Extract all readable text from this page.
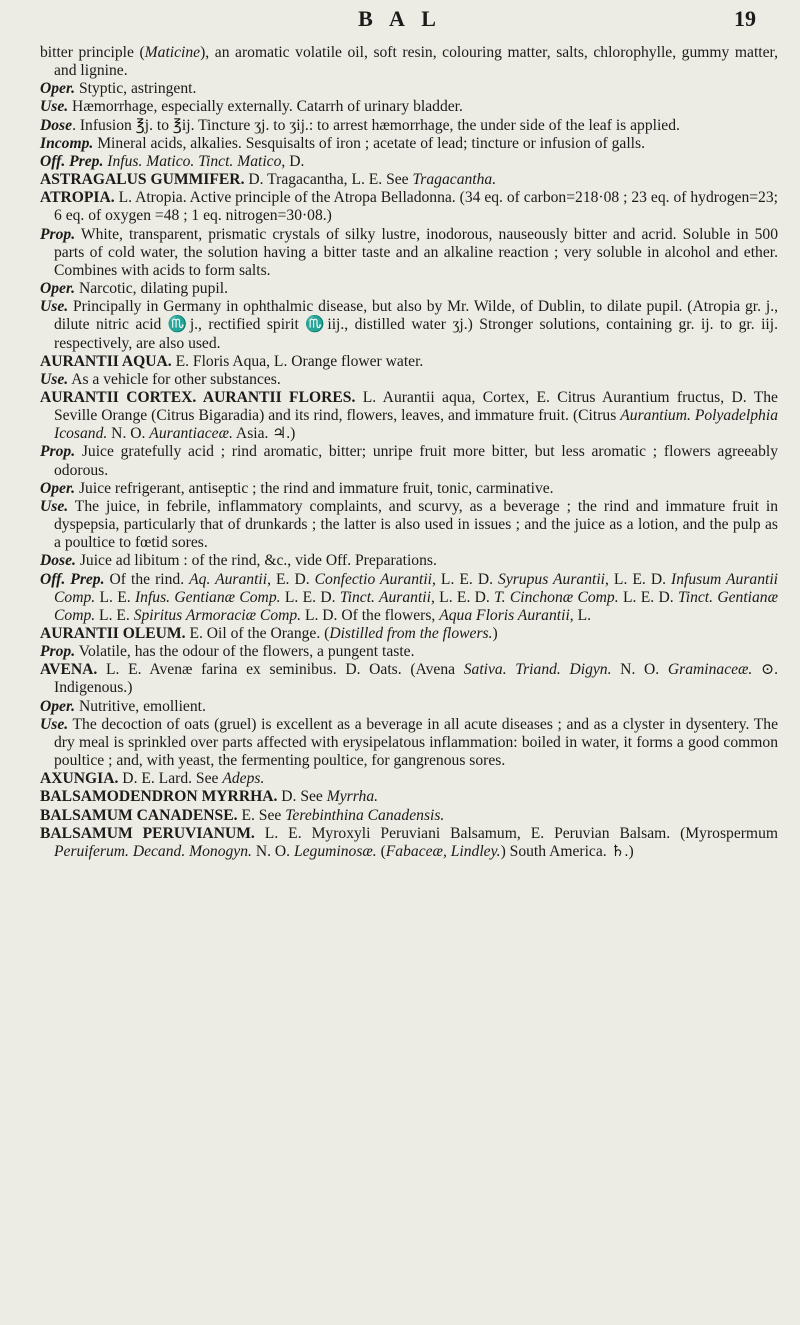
B A L	19

bitter principle (Maticine), an aromatic volatile oil, soft resin, colouring matter, salts, chlorophylle, gummy matter, and lignine.

Oper. Styptic, astringent.

Use. Hæmorrhage, especially externally. Catarrh of urinary bladder.

Dose. Infusion ℥j. to ℥ij. Tincture ʒj. to ʒij.: to arrest hæmorrhage, the under side of the leaf is applied.

Incomp. Mineral acids, alkalies. Sesquisalts of iron ; acetate of lead; tincture or infusion of galls.

Off. Prep. Infus. Matico. Tinct. Matico, D.

ASTRAGALUS GUMMIFER. D. Tragacantha, L. E. See Tragacantha.

ATROPIA. L. Atropia. Active principle of the Atropa Belladonna. (34 eq. of carbon=218·08 ; 23 eq. of hydrogen=23; 6 eq. of oxygen =48 ; 1 eq. nitrogen=30·08.)

Prop. White, transparent, prismatic crystals of silky lustre, inodorous, nauseously bitter and acrid. Soluble in 500 parts of cold water, the solution having a bitter taste and an alkaline reaction ; very soluble in alcohol and ether. Combines with acids to form salts.

Oper. Narcotic, dilating pupil.

Use. Principally in Germany in ophthalmic disease, but also by Mr. Wilde, of Dublin, to dilate pupil. (Atropia gr. j., dilute nitric acid ♏j., rectified spirit ♏iij., distilled water ʒj.) Stronger solutions, containing gr. ij. to gr. iij. respectively, are also used.

AURANTII AQUA. E. Floris Aqua, L. Orange flower water.

Use. As a vehicle for other substances.

AURANTII CORTEX. AURANTII FLORES. L. Aurantii aqua, Cortex, E. Citrus Aurantium fructus, D. The Seville Orange (Citrus Bigaradia) and its rind, flowers, leaves, and immature fruit. (Citrus Aurantium. Polyadelphia Icosand. N. O. Aurantiaceæ. Asia. ♃.)

Prop. Juice gratefully acid ; rind aromatic, bitter; unripe fruit more bitter, but less aromatic ; flowers agreeably odorous.

Oper. Juice refrigerant, antiseptic ; the rind and immature fruit, tonic, carminative.

Use. The juice, in febrile, inflammatory complaints, and scurvy, as a beverage ; the rind and immature fruit in dyspepsia, particularly that of drunkards ; the latter is also used in issues ; and the juice as a lotion, and the pulp as a poultice to fœtid sores.

Dose. Juice ad libitum : of the rind, &c., vide Off. Preparations.

Off. Prep. Of the rind. Aq. Aurantii, E. D. Confectio Aurantii, L. E. D. Syrupus Aurantii, L. E. D. Infusum Aurantii Comp. L. E. Infus. Gentianæ Comp. L. E. D. Tinct. Aurantii, L. E. D. T. Cinchonæ Comp. L. E. D. Tinct. Gentianæ Comp. L. E. Spiritus Armoraciæ Comp. L. D. Of the flowers, Aqua Floris Aurantii, L.

AURANTII OLEUM. E. Oil of the Orange. (Distilled from the flowers.)

Prop. Volatile, has the odour of the flowers, a pungent taste.

AVENA. L. E. Avenæ farina ex seminibus. D. Oats. (Avena Sativa. Triand. Digyn. N. O. Graminaceæ. ⊙. Indigenous.)

Oper. Nutritive, emollient.

Use. The decoction of oats (gruel) is excellent as a beverage in all acute diseases ; and as a clyster in dysentery. The dry meal is sprinkled over parts affected with erysipelatous inflammation: boiled in water, it forms a good common poultice ; and, with yeast, the fermenting poultice, for gangrenous sores.

AXUNGIA. D. E. Lard. See Adeps.

BALSAMODENDRON MYRRHA. D. See Myrrha.

BALSAMUM CANADENSE. E. See Terebinthina Canadensis.

BALSAMUM PERUVIANUM. L. E. Myroxyli Peruviani Balsamum, E. Peruvian Balsam. (Myrospermum Peruiferum. Decand. Monogyn. N. O. Leguminosæ. (Fabaceæ, Lindley.) South America. ♄.)
